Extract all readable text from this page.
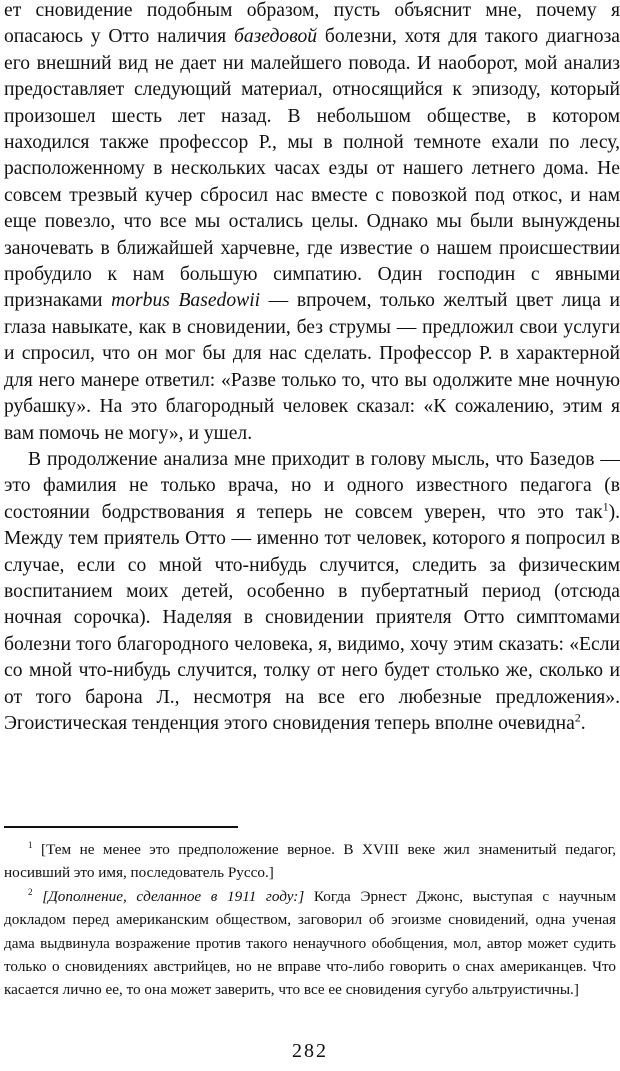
ет сновидение подобным образом, пусть объяснит мне, почему я опасаюсь у Отто наличия базедовой болезни, хотя для такого диагноза его внешний вид не дает ни малейшего повода. И наоборот, мой анализ предоставляет следующий материал, относящийся к эпизоду, который произошел шесть лет назад. В небольшом обществе, в котором находился также профессор Р., мы в полной темноте ехали по лесу, расположенному в нескольких часах езды от нашего летнего дома. Не совсем трезвый кучер сбросил нас вместе с повозкой под откос, и нам еще повезло, что все мы остались целы. Однако мы были вынуждены заночевать в ближайшей харчевне, где известие о нашем происшествии пробудило к нам большую симпатию. Один господин с явными признаками morbus Basedowii — впрочем, только желтый цвет лица и глаза навыкате, как в сновидении, без струмы — предложил свои услуги и спросил, что он мог бы для нас сделать. Профессор Р. в характерной для него манере ответил: «Разве только то, что вы одолжите мне ночную рубашку». На это благородный человек сказал: «К сожалению, этим я вам помочь не могу», и ушел.

В продолжение анализа мне приходит в голову мысль, что Базедов — это фамилия не только врача, но и одного известного педагога (в состоянии бодрствования я теперь не совсем уверен, что это так$^1$). Между тем приятель Отто — именно тот человек, которого я попросил в случае, если со мной что-нибудь случится, следить за физическим воспитанием моих детей, особенно в пубертатный период (отсюда ночная сорочка). Наделяя в сновидении приятеля Отто симптомами болезни того благородного человека, я, видимо, хочу этим сказать: «Если со мной что-нибудь случится, толку от него будет столько же, сколько и от того барона Л., несмотря на все его любезные предложения». Эгоистическая тенденция этого сновидения теперь вполне очевидна$^2$.

$^1$ [Тем не менее это предположение верное. В XVIII веке жил знаменитый педагог, носивший это имя, последователь Руссо.]

$^2$ [Дополнение, сделанное в 1911 году:] Когда Эрнест Джонс, выступая с научным докладом перед американским обществом, заговорил об эгоизме сновидений, одна ученая дама выдвинула возражение против такого ненаучного обобщения, мол, автор может судить только о сновидениях австрийцев, но не вправе что-либо говорить о снах американцев. Что касается лично ее, то она может заверить, что все ее сновидения сугубо альтруистичны.]

282
